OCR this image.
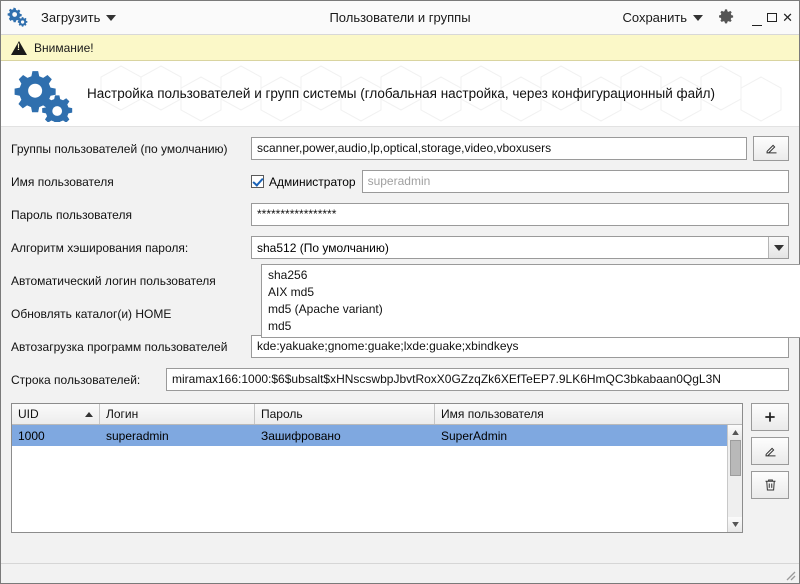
Загрузить	Пользователи и группы	Сохранить	✕
!
Внимание!
Настройка пользователей и групп системы (глобальная настройка, через конфигурационный файл)
Группы пользователей (по умолчанию)	scanner,power,audio,lp,optical,storage,video,vboxusers
Имя пользователя	Администратор	superadmin
Пароль пользователя	*****************
Алгоритм хэширования пароля:	sha512 (По умолчанию)
sha256
AIX md5
md5 (Apache variant)
md5
Автоматический логин пользователя
Обновлять каталог(и) HOME
Автозагрузка программ пользователей	kde:yakuake;gnome:guake;lxde:guake;xbindkeys
Строка пользователей:	miramax166:1000:$6$ubsalt$xHNscswbpJbvtRoxX0GZzqZk6XEfTeEP7.9LK6HmQC3bkabaan0QgL3N
UID	Логин	Пароль	Имя пользователя
1000	superadmin	Зашифровано	SuperAdmin
